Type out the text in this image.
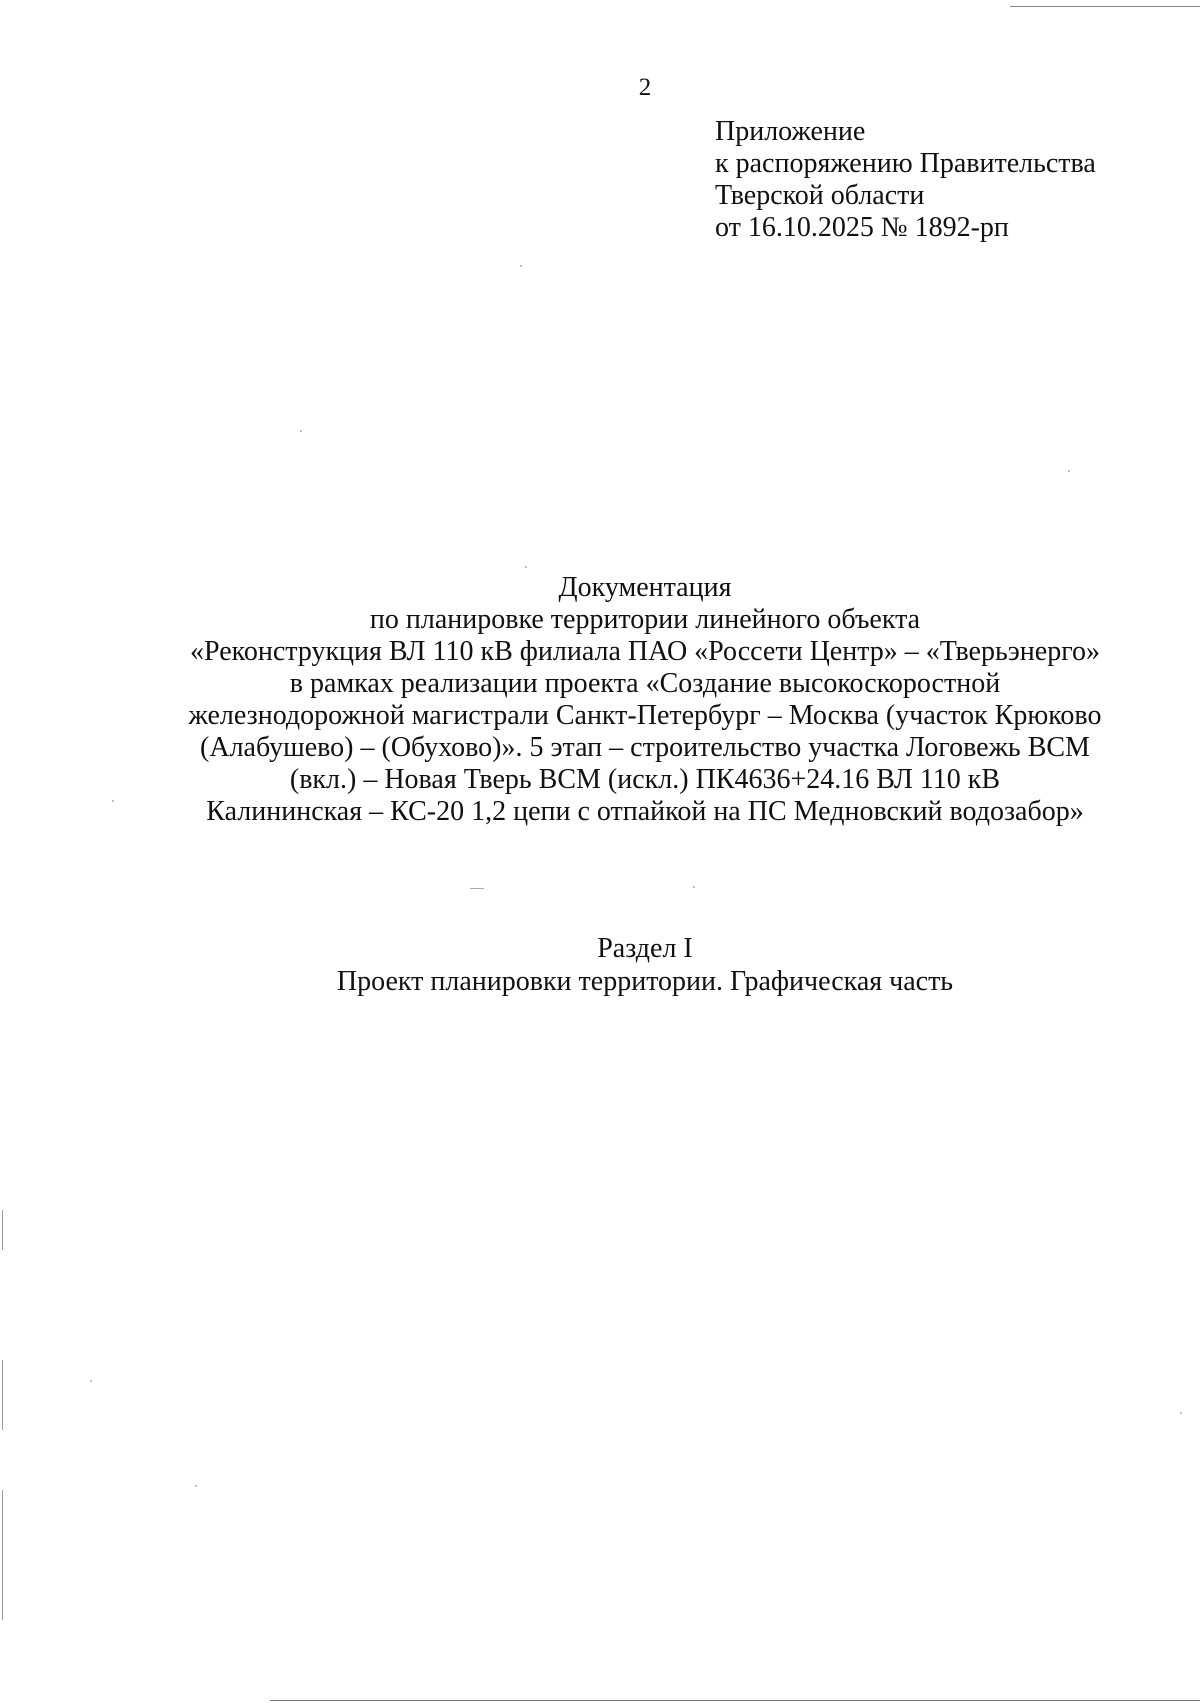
2
Приложение
к распоряжению Правительства
Тверской области
от 16.10.2025 № 1892-рп
Документация
по планировке территории линейного объекта
«Реконструкция ВЛ 110 кВ филиала ПАО «Россети Центр» – «Тверьэнерго»
в рамках реализации проекта «Создание высокоскоростной
железнодорожной магистрали Санкт-Петербург – Москва (участок Крюково
(Алабушево) – (Обухово)». 5 этап – строительство участка Логовежь ВСМ
(вкл.) – Новая Тверь ВСМ (искл.) ПК4636+24.16 ВЛ 110 кВ
Калининская – КС-20 1,2 цепи с отпайкой на ПС Медновский водозабор»
Раздел I
Проект планировки территории. Графическая часть
